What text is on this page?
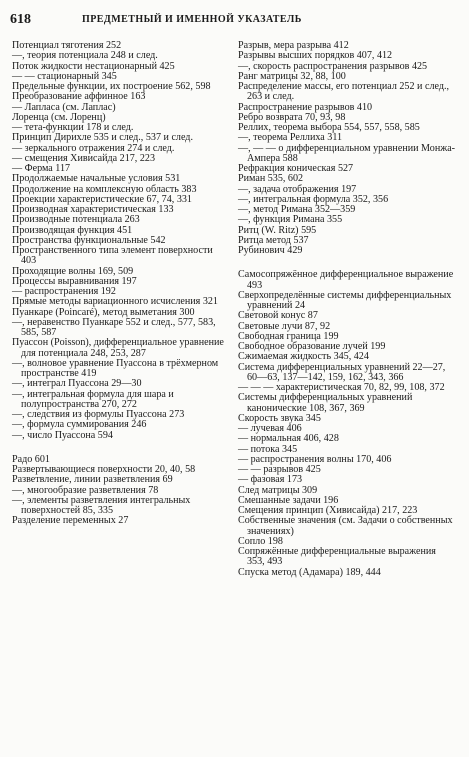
618	ПРЕДМЕТНЫЙ И ИМЕННОЙ УКАЗАТЕЛЬ
Потенциал тяготения 252
—, теория потенциала 248 и след.
Поток жидкости нестационарный 425
— — стационарный 345
Предельные функции, их построение 562, 598
Преобразование аффинное 163
— Лапласа (см. Лаплас)
Лоренца (см. Лоренц)
— тета-функции 178 и след.
Принцип Дирихле 535 и след., 537 и след.
— зеркального отражения 274 и след.
— смещения Хивисайда 217, 223
— Ферма 117
Продолжаемые начальные условия 531
Продолжение на комплексную область 383
Проекции характеристические 67, 74, 331
Производная характеристическая 133
Производные потенциала 263
Производящая функция 451
Пространства функциональные 542
Пространственного типа элемент поверхности 403
Проходящие волны 169, 509
Процессы выравнивания 197
— распространения 192
Прямые методы вариационного исчисления 321
Пуанкаре (Poincaré), метод выметания 300
—, неравенство Пуанкаре 552 и след., 577, 583, 585, 587
Пуассон (Poisson), дифференциальное уравнение для потенциала 248, 253, 287
—, волновое уравнение Пуассона в трёхмерном пространстве 419
—, интеграл Пуассона 29—30
—, интегральная формула для шара и полупространства 270, 272
—, следствия из формулы Пуассона 273
—, формула суммирования 246
—, число Пуассона 594
Радо 601
Развертывающиеся поверхности 20, 40, 58
Разветвление, линии разветвления 69
—, многообразие разветвления 78
—, элементы разветвления интегральных поверхностей 85, 335
Разделение переменных 27
Разрыв, мера разрыва 412
Разрывы высших порядков 407, 412
—, скорость распространения разрывов 425
Ранг матрицы 32, 88, 100
Распределение массы, его потенциал 252 и след., 263 и след.
Распространение разрывов 410
Ребро возврата 70, 93, 98
Реллих, теорема выбора 554, 557, 558, 585
—, теорема Реллиха 311
—, — — о дифференциальном уравнении Монжа-Ампера 588
Рефракция коническая 527
Риман 535, 602
—, задача отображения 197
—, интегральная формула 352, 356
—, метод Римана 352—359
—, функция Римана 355
Ритц (W. Ritz) 595
Ритца метод 537
Рубинович 429
Самосопряжённое дифференциальное выражение 493
Сверхопределённые системы дифференциальных уравнений 24
Световой конус 87
Световые лучи 87, 92
Свободная граница 199
Свободное образование лучей 199
Сжимаемая жидкость 345, 424
Система дифференциальных уравнений 22—27, 60—63, 137—142, 159, 162, 343, 366
— — — характеристическая 70, 82, 99, 108, 372
Системы дифференциальных уравнений канонические 108, 367, 369
Скорость звука 345
— лучевая 406
— нормальная 406, 428
— потока 345
— распространения волны 170, 406
— — разрывов 425
— фазовая 173
След матрицы 309
Смешанные задачи 196
Смещения принцип (Хивисайда) 217, 223
Собственные значения (см. Задачи о собственных значениях)
Сопло 198
Сопряжённые дифференциальные выражения 353, 493
Спуска метод (Адамара) 189, 444
